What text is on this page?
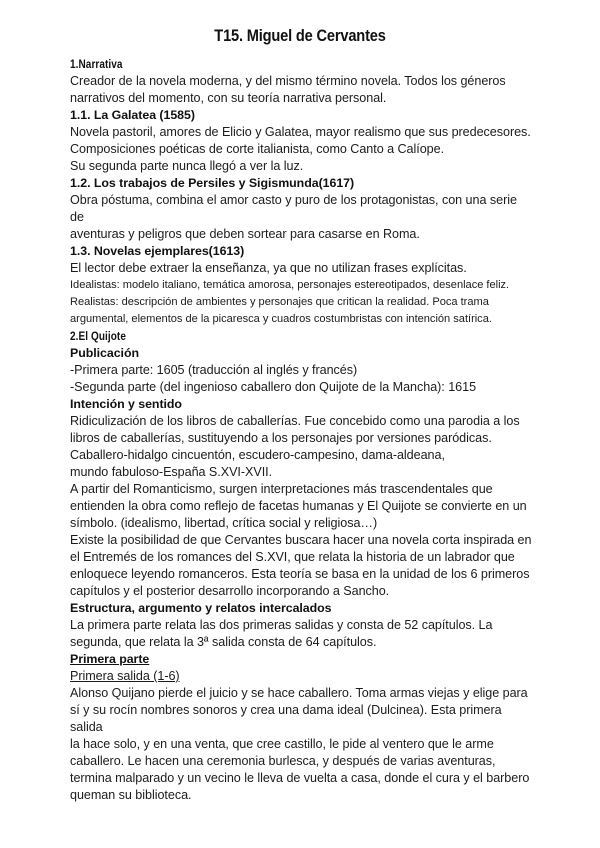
T15. Miguel de Cervantes
1.Narrativa
Creador de la novela moderna, y del mismo término novela. Todos los géneros
narrativos del momento, con su teoría narrativa personal.
1.1. La Galatea (1585)
Novela pastoril, amores de Elicio y Galatea, mayor realismo que sus predecesores.
Composiciones poéticas de corte italianista, como Canto a Calíope.
Su segunda parte nunca llegó a ver la luz.
1.2. Los trabajos de Persiles y Sigismunda(1617)
Obra póstuma, combina el amor casto y puro de los protagonistas, con una serie de
aventuras y peligros que deben sortear para casarse en Roma.
1.3. Novelas ejemplares(1613)
El lector debe extraer la enseñanza, ya que no utilizan frases explícitas.
Idealistas: modelo italiano, temática amorosa, personajes estereotipados, desenlace feliz.
Realistas: descripción de ambientes y personajes que critican la realidad. Poca trama
argumental, elementos de la picaresca y cuadros costumbristas con intención satírica.
2.El Quijote
Publicación
-Primera parte: 1605 (traducción al inglés y francés)
-Segunda parte (del ingenioso caballero don Quijote de la Mancha): 1615
Intención y sentido
Ridiculización de los libros de caballerías. Fue concebido como una parodia a los
libros de caballerías, sustituyendo a los personajes por versiones paródicas.
Caballero-hidalgo cincuentón, escudero-campesino, dama-aldeana,
mundo fabuloso-España S.XVI-XVII.
A partir del Romanticismo, surgen interpretaciones más trascendentales que
entienden la obra como reflejo de facetas humanas y El Quijote se convierte en un
símbolo. (idealismo, libertad, crítica social y religiosa…)
Existe la posibilidad de que Cervantes buscara hacer una novela corta inspirada en
el Entremés de los romances del S.XVI, que relata la historia de un labrador que
enloquece leyendo romanceros. Esta teoría se basa en la unidad de los 6 primeros
capítulos y el posterior desarrollo incorporando a Sancho.
Estructura, argumento y relatos intercalados
La primera parte relata las dos primeras salidas y consta de 52 capítulos. La
segunda, que relata la 3ª salida consta de 64 capítulos.
Primera parte
Primera salida (1-6)
Alonso Quijano pierde el juicio y se hace caballero. Toma armas viejas y elige para
sí y su rocín nombres sonoros y crea una dama ideal (Dulcinea). Esta primera salida
la hace solo, y en una venta, que cree castillo, le pide al ventero que le arme
caballero. Le hacen una ceremonia burlesca, y después de varias aventuras,
termina malparado y un vecino le lleva de vuelta a casa, donde el cura y el barbero
queman su biblioteca.
